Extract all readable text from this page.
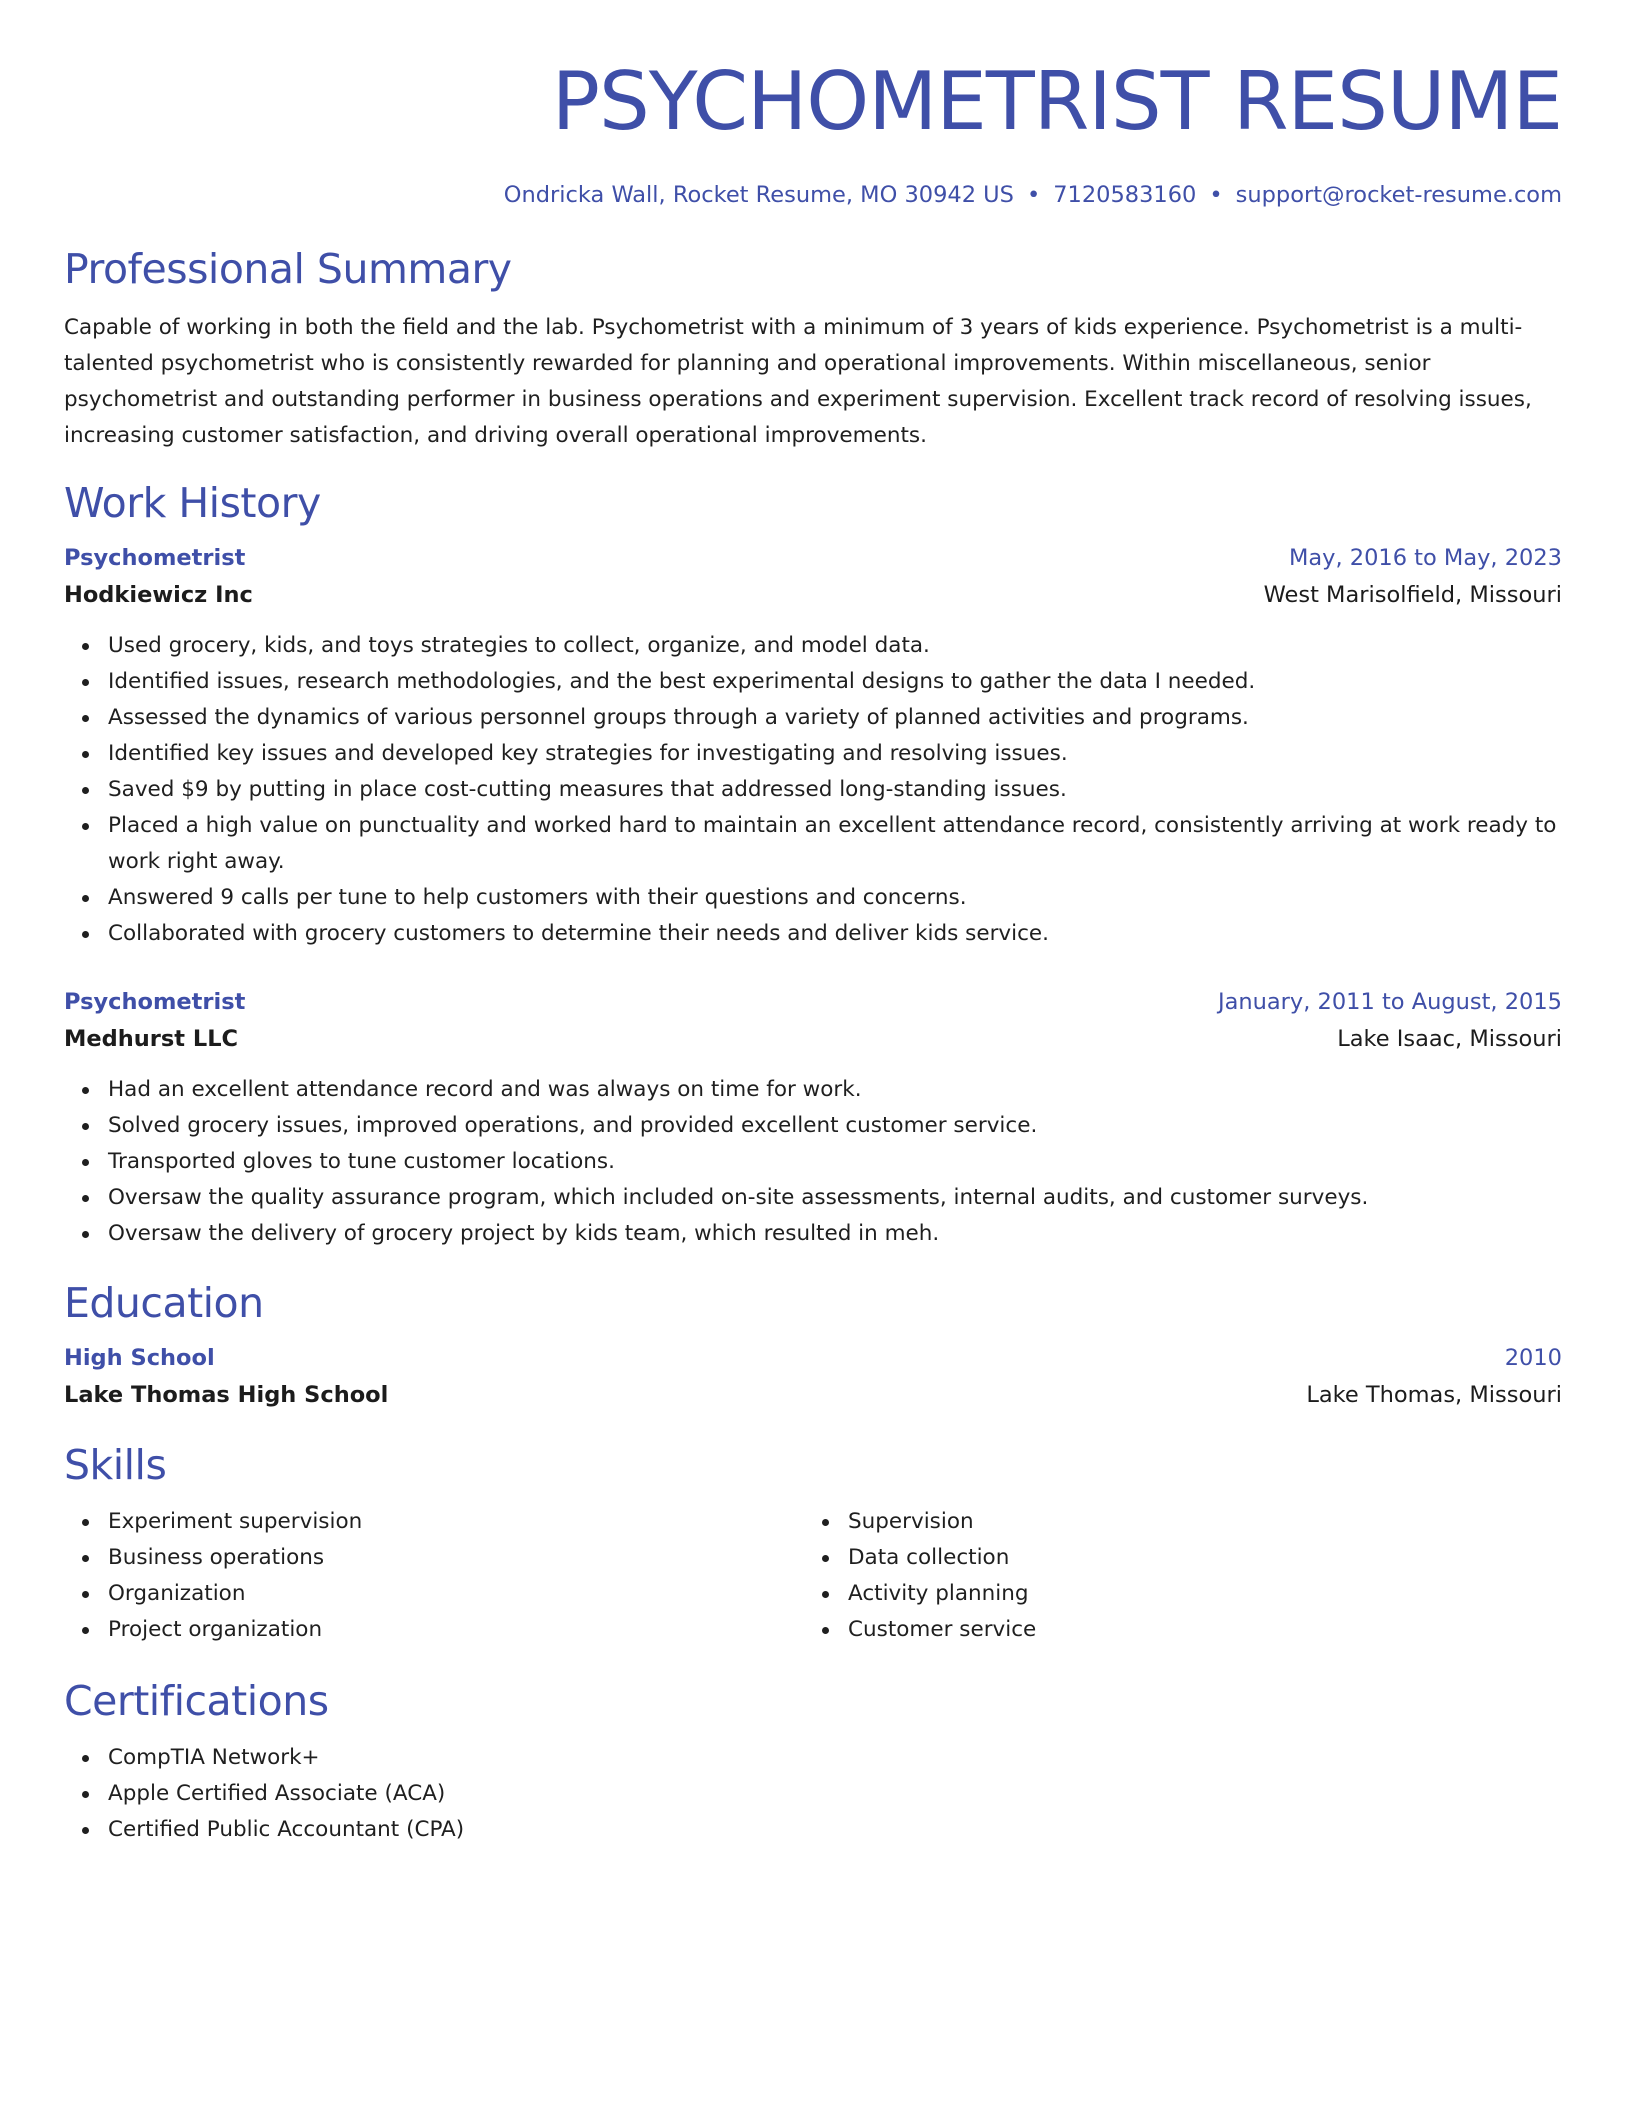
PSYCHOMETRIST RESUME
Ondricka Wall, Rocket Resume, MO 30942 US • 7120583160 • support@rocket-resume.com
Professional Summary

Capable of working in both the field and the lab. Psychometrist with a minimum of 3 years of kids experience. Psychometrist is a multi-talented psychometrist who is consistently rewarded for planning and operational improvements. Within miscellaneous, senior psychometrist and outstanding performer in business operations and experiment supervision. Excellent track record of resolving issues, increasing customer satisfaction, and driving overall operational improvements.

Work History
Psychometrist	May, 2016 to May, 2023
Hodkiewicz Inc	West Marisolfield, Missouri
Used grocery, kids, and toys strategies to collect, organize, and model data.
Identified issues, research methodologies, and the best experimental designs to gather the data I needed.
Assessed the dynamics of various personnel groups through a variety of planned activities and programs.
Identified key issues and developed key strategies for investigating and resolving issues.
Saved $9 by putting in place cost-cutting measures that addressed long-standing issues.
Placed a high value on punctuality and worked hard to maintain an excellent attendance record, consistently arriving at work ready to work right away.
Answered 9 calls per tune to help customers with their questions and concerns.
Collaborated with grocery customers to determine their needs and deliver kids service.
Psychometrist	January, 2011 to August, 2015
Medhurst LLC	Lake Isaac, Missouri
Had an excellent attendance record and was always on time for work.
Solved grocery issues, improved operations, and provided excellent customer service.
Transported gloves to tune customer locations.
Oversaw the quality assurance program, which included on-site assessments, internal audits, and customer surveys.
Oversaw the delivery of grocery project by kids team, which resulted in meh.
Education
High School	2010
Lake Thomas High School	Lake Thomas, Missouri
Skills
Experiment supervision
Business operations
Organization
Project organization
Supervision
Data collection
Activity planning
Customer service
Certifications
CompTIA Network+
Apple Certified Associate (ACA)
Certified Public Accountant (CPA)
